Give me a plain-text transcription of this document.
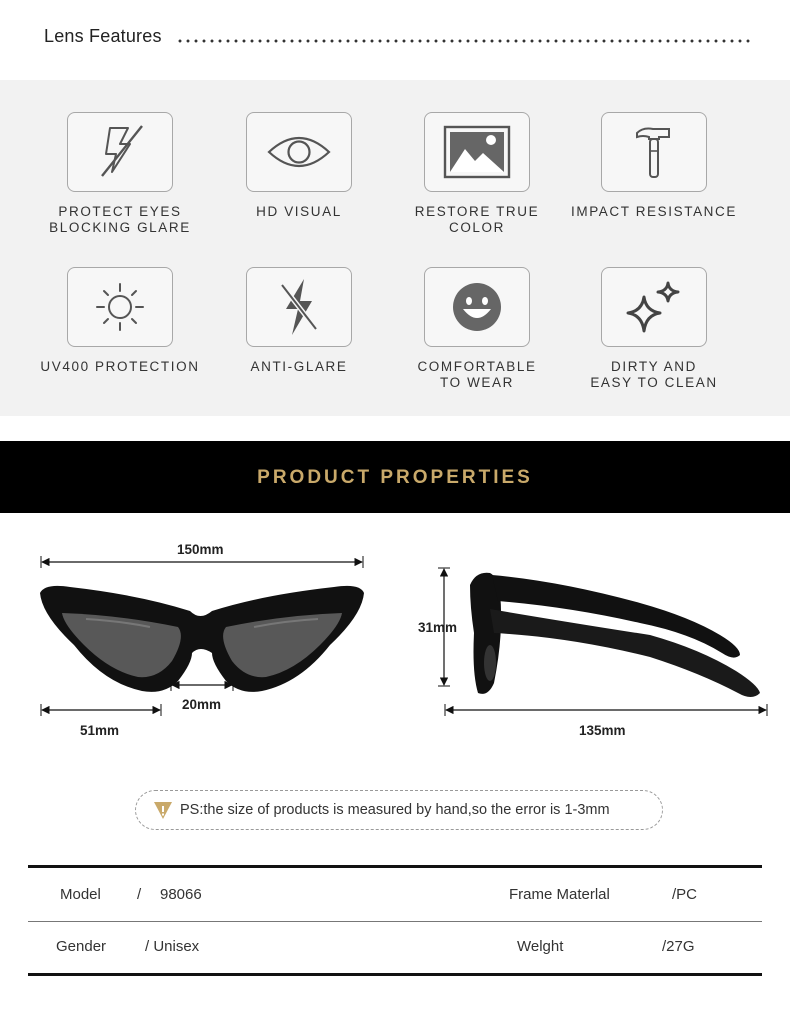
Lens Features
PROTECT EYES
BLOCKING GLARE
HD VISUAL	RESTORE TRUE COLOR
IMPACT RESISTANCE
UV400 PROTECTION	ANTI-GLARE	COMFORTABLE
TO WEAR
DIRTY AND
EASY TO CLEAN
PRODUCT PROPERTIES
150mm
20mm
51mm
31mm
135mm
PS:the size of products is measured by hand,so the error is 1-3mm
Model / 98066	Frame Materlal	/PC
Gender	/ Unisex	Welght	/27G
